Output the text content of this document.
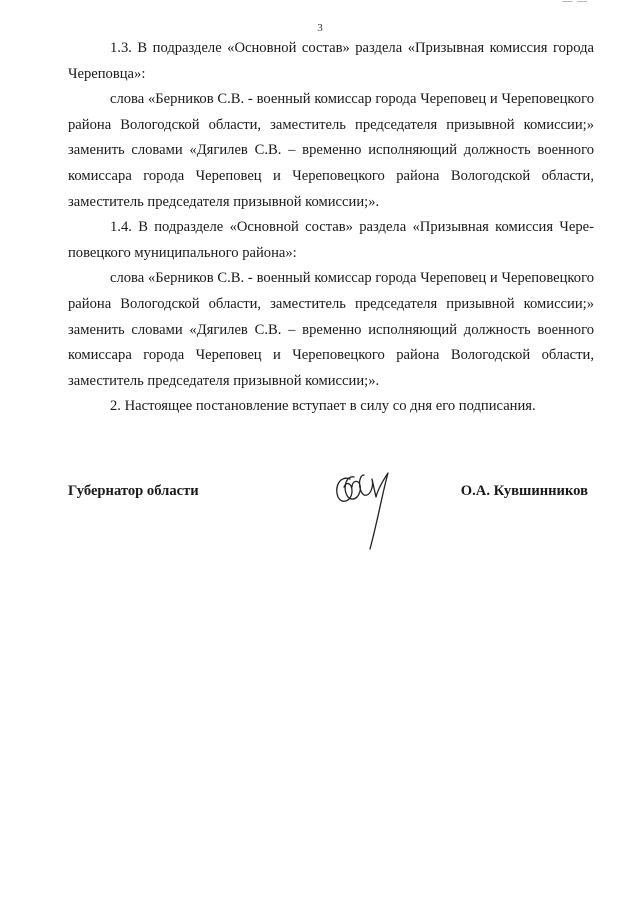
— —
3

1.3. В подразделе «Основной состав» раздела «Призывная комиссия города Череповца»:

слова «Берников С.В. - военный комиссар города Череповец и Череповецкого района Вологодской области, заместитель председателя призывной комиссии;» заменить словами «Дягилев С.В. – временно исполняющий должность военного комиссара города Череповец и Череповецкого района Вологодской области, заместитель председателя призывной комиссии;».

1.4. В подразделе «Основной состав» раздела «Призывная комиссия Череповецкого муниципального района»:

слова «Берников С.В. - военный комиссар города Череповец и Череповецкого района Вологодской области, заместитель председателя призывной комиссии;» заменить словами «Дягилев С.В. – временно исполняющий должность военного комиссара города Череповец и Череповецкого района Вологодской области, заместитель председателя призывной комиссии;».

2. Настоящее постановление вступает в силу со дня его подписания.

Губернатор области	О.А. Кувшинников
